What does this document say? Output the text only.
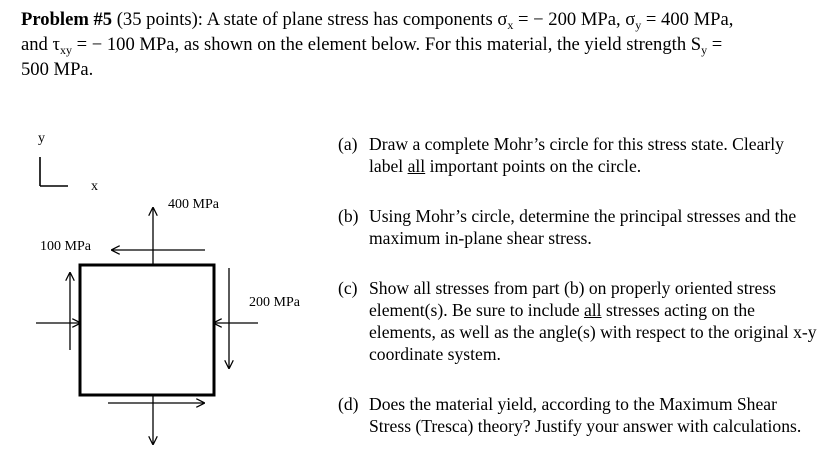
Problem #5 (35 points): A state of plane stress has components $\sigma_x$ = − 200 MPa, $\sigma_y = 400$ MPa,
and $\tau_{xy}$ = − 100 MPa, as shown on the element below. For this material, the yield strength $S_y$ =
500 MPa.
y
x
400 MPa
100 MPa
200 MPa
(a) Draw a complete Mohr’s circle for this stress state. Clearly label all important points on the circle.
(b) Using Mohr’s circle, determine the principal stresses and the maximum in-plane shear stress.
(c) Show all stresses from part (b) on properly oriented stress element(s). Be sure to include all stresses acting on the elements, as well as the angle(s) with respect to the original x-y coordinate system.
(d) Does the material yield, according to the Maximum Shear Stress (Tresca) theory? Justify your answer with calculations.
